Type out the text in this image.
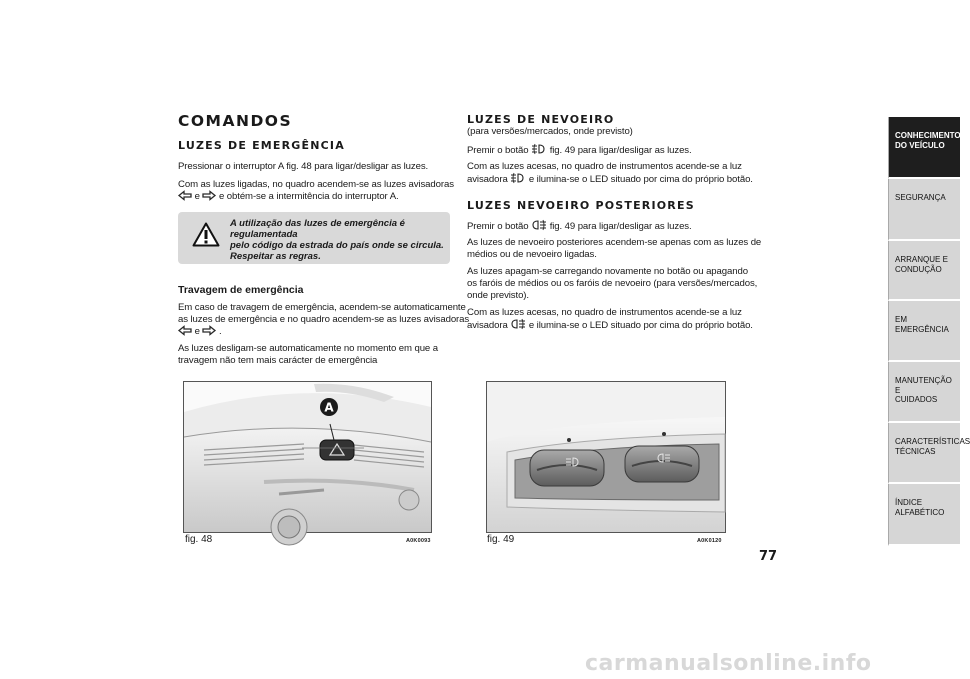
COMANDOS
LUZES DE EMERGÊNCIA
Pressionar o interruptor A fig. 48 para ligar/desligar as luzes.
Com as luzes ligadas, no quadro acendem-se as luzes avisadoras
e e obtém-se a intermitência do interruptor A.
A utilização das luzes de emergência é regulamentada
pelo código da estrada do país onde se circula.
Respeitar as regras.
Travagem de emergência
Em caso de travagem de emergência, acendem-se automaticamente
as luzes de emergência e no quadro acendem-se as luzes avisadoras
e .
As luzes desligam-se automaticamente no momento em que a
travagem não tem mais carácter de emergência
A
fig. 48	A0K0093
LUZES DE NEVOEIRO
(para versões/mercados, onde previsto)
Premir o botão fig. 49 para ligar/desligar as luzes.
Com as luzes acesas, no quadro de instrumentos acende-se a luz
avisadora e ilumina-se o LED situado por cima do próprio botão.
LUZES NEVOEIRO POSTERIORES
Premir o botão fig. 49 para ligar/desligar as luzes.
As luzes de nevoeiro posteriores acendem-se apenas com as luzes de
médios ou de nevoeiro ligadas.
As luzes apagam-se carregando novamente no botão ou apagando
os faróis de médios ou os faróis de nevoeiro (para versões/mercados,
onde previsto).
Com as luzes acesas, no quadro de instrumentos acende-se a luz
avisadora e ilumina-se o LED situado por cima do próprio botão.
fig. 49	A0K0120
CONHECIMENTO
DO VEÍCULO
SEGURANÇA
ARRANQUE E
CONDUÇÃO
EM EMERGÊNCIA
MANUTENÇÃO E
CUIDADOS
CARACTERÍSTICAS
TÉCNICAS
ÍNDICE ALFABÉTICO
77
carmanualsonline.info
